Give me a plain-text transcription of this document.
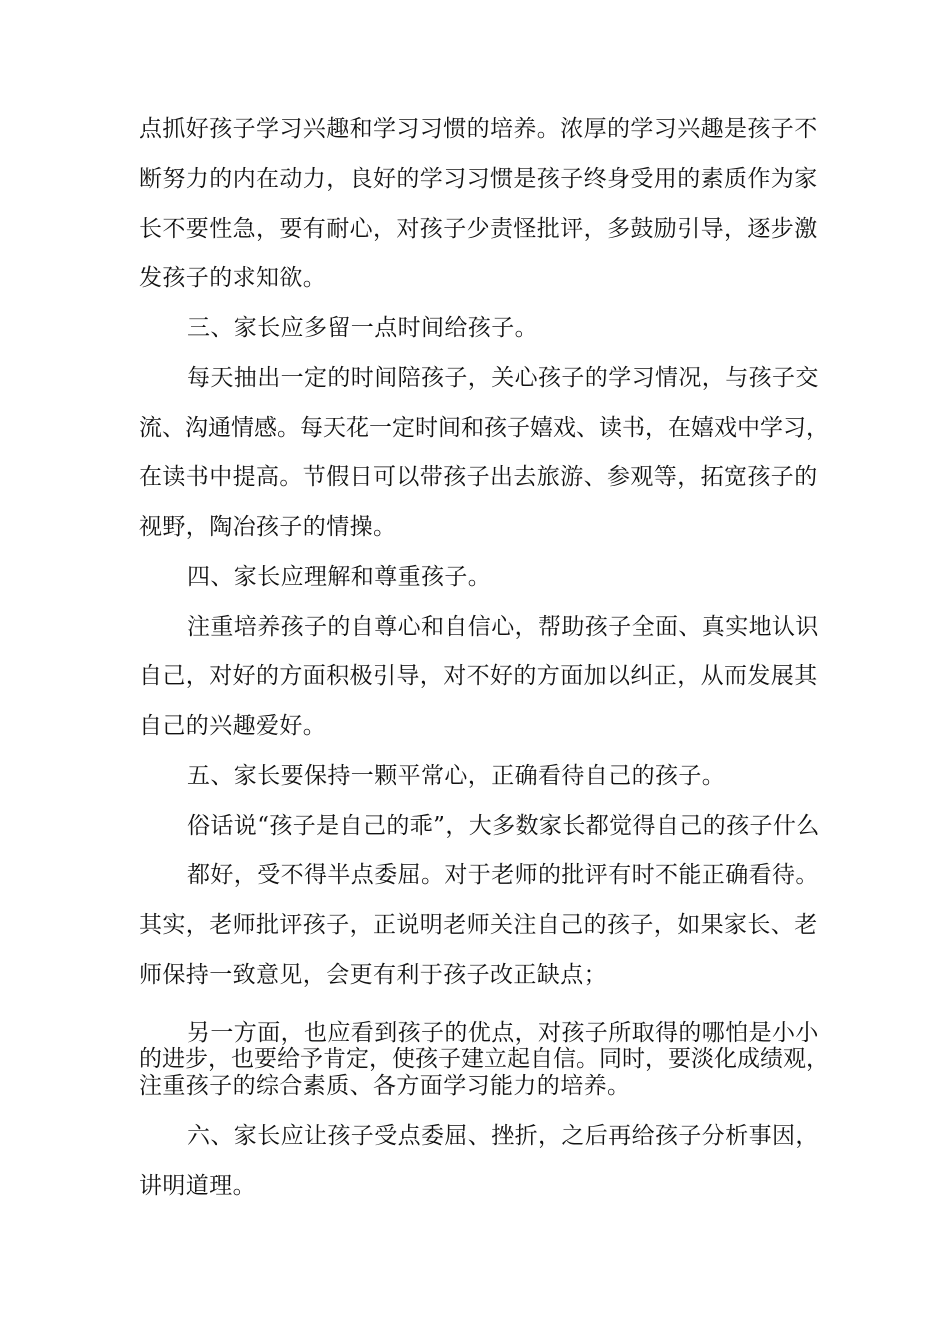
点抓好孩子学习兴趣和学习习惯的培养。浓厚的学习兴趣是孩子不

断努力的内在动力，良好的学习习惯是孩子终身受用的素质作为家

长不要性急，要有耐心，对孩子少责怪批评，多鼓励引导，逐步激

发孩子的求知欲。

三、家长应多留一点时间给孩子。

每天抽出一定的时间陪孩子，关心孩子的学习情况，与孩子交

流、沟通情感。每天花一定时间和孩子嬉戏、读书，在嬉戏中学习，

在读书中提高。节假日可以带孩子出去旅游、参观等，拓宽孩子的

视野，陶冶孩子的情操。

四、家长应理解和尊重孩子。

注重培养孩子的自尊心和自信心，帮助孩子全面、真实地认识

自己，对好的方面积极引导，对不好的方面加以纠正，从而发展其

自己的兴趣爱好。

五、家长要保持一颗平常心，正确看待自己的孩子。

俗话说“孩子是自己的乖”，大多数家长都觉得自己的孩子什么

都好，受不得半点委屈。对于老师的批评有时不能正确看待。

其实，老师批评孩子，正说明老师关注自己的孩子，如果家长、老

师保持一致意见，会更有利于孩子改正缺点；

另一方面，也应看到孩子的优点，对孩子所取得的哪怕是小小

的进步，也要给予肯定，使孩子建立起自信。同时，要淡化成绩观，

注重孩子的综合素质、各方面学习能力的培养。

六、家长应让孩子受点委屈、挫折，之后再给孩子分析事因，

讲明道理。
